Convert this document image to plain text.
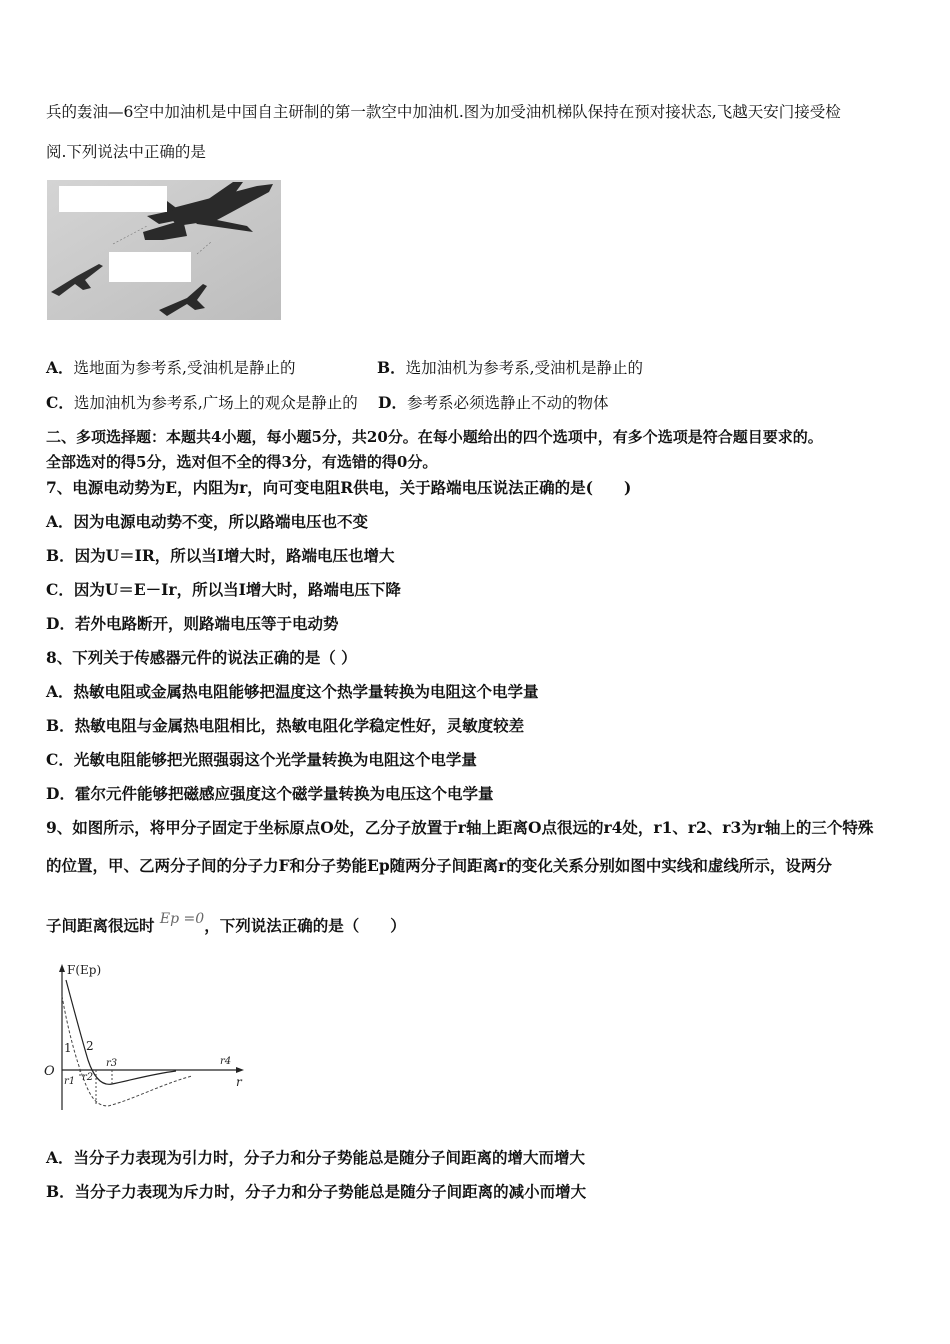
兵的轰油—6空中加油机是中国自主研制的第一款空中加油机.图为加受油机梯队保持在预对接状态,飞越天安门接受检
阅.下列说法中正确的是
A．选地面为参考系,受油机是静止的	B．选加油机为参考系,受油机是静止的
C．选加油机为参考系,广场上的观众是静止的 D．参考系必须选静止不动的物体
二、多项选择题：本题共4小题，每小题5分，共20分。在每小题给出的四个选项中，有多个选项是符合题目要求的。
全部选对的得5分，选对但不全的得3分，有选错的得0分。
7、电源电动势为E，内阻为r，向可变电阻R供电，关于路端电压说法正确的是(　　)
A．因为电源电动势不变，所以路端电压也不变
B．因为U＝IR，所以当I增大时，路端电压也增大
C．因为U＝E－Ir，所以当I增大时，路端电压下降
D．若外电路断开，则路端电压等于电动势
8、下列关于传感器元件的说法正确的是（ ）
A．热敏电阻或金属热电阻能够把温度这个热学量转换为电阻这个电学量
B．热敏电阻与金属热电阻相比，热敏电阻化学稳定性好，灵敏度较差
C．光敏电阻能够把光照强弱这个光学量转换为电阻这个电学量
D．霍尔元件能够把磁感应强度这个磁学量转换为电压这个电学量
9、如图所示，将甲分子固定于坐标原点O处，乙分子放置于r轴上距离O点很远的r4处，r1、r2、r3为r轴上的三个特殊
的位置，甲、乙两分子间的分子力F和分子势能Ep随两分子间距离r的变化关系分别如图中实线和虚线所示，设两分
子间距离很远时 Ep =0，下列说法正确的是（　　）
F(Ep)
r
O
1 2
r1 r2
r3	r4
A．当分子力表现为引力时，分子力和分子势能总是随分子间距离的增大而增大
B．当分子力表现为斥力时，分子力和分子势能总是随分子间距离的减小而增大
